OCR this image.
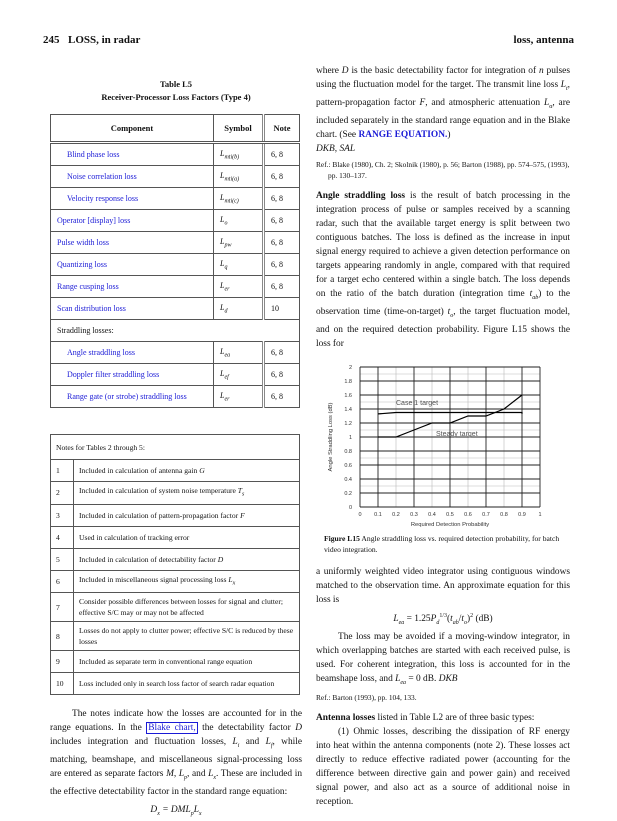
245 LOSS, in radar	loss, antenna
Table L5
Receiver-Processor Loss Factors (Type 4)
Component	Symbol	Note
Blind phase loss	$L_{mti(b)}$	6, 8
Noise correlation loss	$L_{mti(a)}$	6, 8
Velocity response loss	$L_{mti(c)}$	6, 8
Operator [display] loss	$L_o$	6, 8
Pulse width loss	$L_{pw}$	6, 8
Quantizing loss	$L_q$	6, 8
Range cusping loss	$L_{er}$	6, 8
Scan distribution loss	$L_d$	10
Straddling losses:		
Angle straddling loss	$L_{ea}$	6, 8
Doppler filter straddling loss	$L_{ef}$	6, 8
Range gate (or strobe) straddling loss	$L_{er}$	6, 8
Notes for Tables 2 through 5:	
1	Included in calculation of antenna gain G
2	Included in calculation of system noise temperature $T_s$
3	Included in calculation of pattern-propagation factor F
4	Used in calculation of tracking error
5	Included in calculation of detectability factor D
6	Included in miscellaneous signal processing loss $L_x$
7	Consider possible differences between losses for signal and clutter; effective S/C may or may not be affected
8	Losses do not apply to clutter power; effective S/C is reduced by these losses
9	Included as separate term in conventional range equation
10	Loss included only in search loss factor of search radar equation

The notes indicate how the losses are accounted for in the range equations. In the Blake chart, the detectability factor D includes integration and fluctuation losses, $L_i$ and $L_f$, while matching, beamshape, and miscellaneous signal-processing loss are entered as separate factors M, $L_p$, and $L_x$. These are included in the effective detectability factor in the standard range equation:

$D_x = DML_pL_x$

where D is the basic detectability factor for integration of n pulses using the fluctuation model for the target. The transmit line loss $L_t$, pattern-propagation factor F, and atmospheric attenuation $L_\alpha$, are included separately in the standard range equation and in the Blake chart. (See RANGE EQUATION.)
DKB, SAL

Ref.: Blake (1980), Ch. 2; Skolnik (1980), p. 56; Barton (1988), pp. 574–575, (1993), pp. 130–137.

Angle straddling loss is the result of batch processing in the integration process of pulse or samples received by a scanning radar, such that the available target energy is split between two contiguous batches. The loss is defined as the increase in input signal energy required to achieve a given detection performance on targets appearing randomly in angle, compared with that required for a target echo centered within a single batch. The loss depends on the ratio of the batch duration (integration time $t_{ab}$) to the observation time (time-on-target) $t_o$, the target fluctuation model, and on the required detection probability. Figure L15 shows the loss for

0
0.2
0.4
0.6
0.8
1
1.2
1.4
1.6
1.8
2
0 0.1 0.2 0.3 0.4 0.5 0.6 0.7 0.8 0.9 1
Required Detection Probability
Angle Straddling Loss (dB)	Case 1 target
Steady target
Figure L15 Angle straddling loss vs. required detection probability, for batch video integration.

a uniformly weighted video integrator using contiguous windows matched to the observation time. An approximate equation for this loss is

$L_{ea} = 1.25P_d^{1/3}(t_{ab}/t_o)^2$ (dB)

The loss may be avoided if a moving-window integrator, in which overlapping batches are started with each received pulse, is used. For coherent integration, this loss is accounted for in the beamshape loss, and $L_{ea} = 0$ dB. DKB

Ref.: Barton (1993), pp. 104, 133.

Antenna losses listed in Table L2 are of three basic types:

(1) Ohmic losses, describing the dissipation of RF energy into heat within the antenna components (note 2). These losses act directly to reduce effective radiated power (accounting for the difference between directive gain and power gain) and received signal power, and also act as a source of additional noise in reception.
